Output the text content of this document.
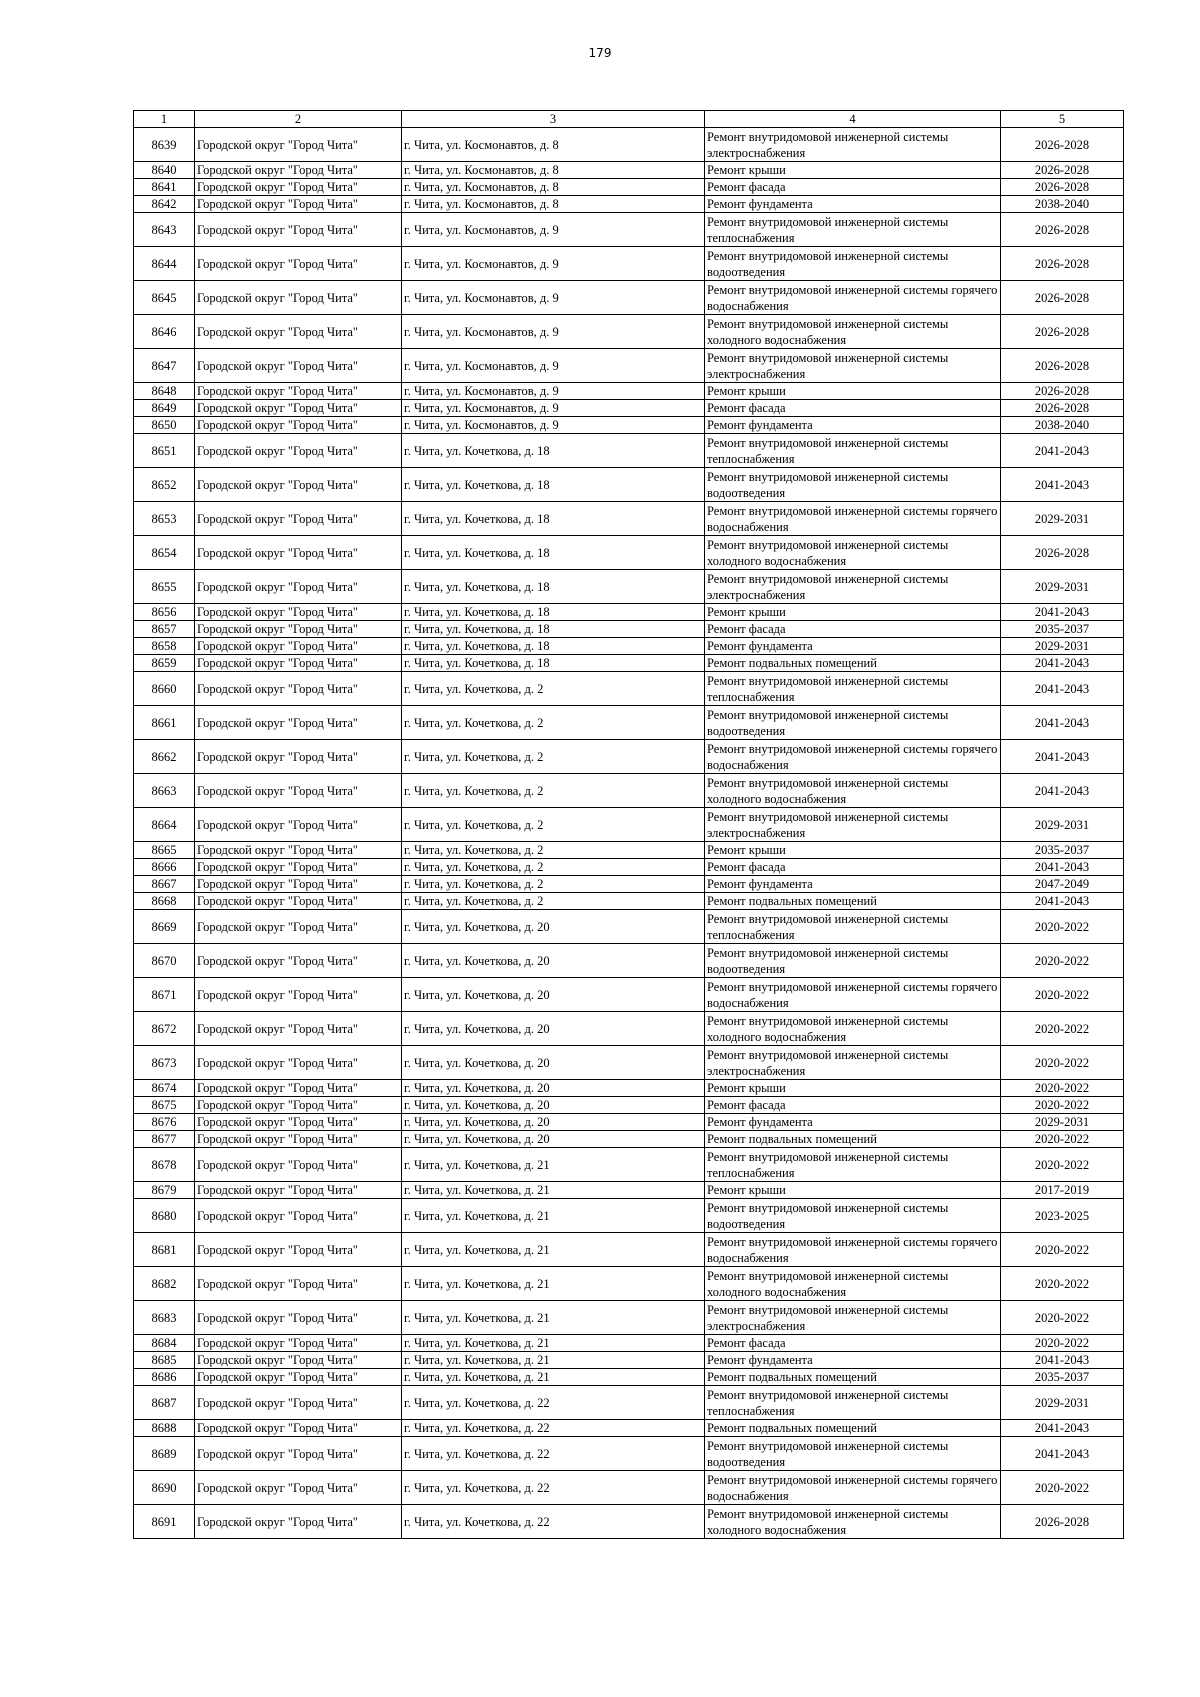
179
1	2	3	4	5
8639	Городской округ "Город Чита"	г. Чита, ул. Космонавтов, д. 8	Ремонт внутридомовой инженерной системы электроснабжения	2026-2028
8640	Городской округ "Город Чита"	г. Чита, ул. Космонавтов, д. 8	Ремонт крыши	2026-2028
8641	Городской округ "Город Чита"	г. Чита, ул. Космонавтов, д. 8	Ремонт фасада	2026-2028
8642	Городской округ "Город Чита"	г. Чита, ул. Космонавтов, д. 8	Ремонт фундамента	2038-2040
8643	Городской округ "Город Чита"	г. Чита, ул. Космонавтов, д. 9	Ремонт внутридомовой инженерной системы теплоснабжения	2026-2028
8644	Городской округ "Город Чита"	г. Чита, ул. Космонавтов, д. 9	Ремонт внутридомовой инженерной системы водоотведения	2026-2028
8645	Городской округ "Город Чита"	г. Чита, ул. Космонавтов, д. 9	Ремонт внутридомовой инженерной системы горячего водоснабжения	2026-2028
8646	Городской округ "Город Чита"	г. Чита, ул. Космонавтов, д. 9	Ремонт внутридомовой инженерной системы холодного водоснабжения	2026-2028
8647	Городской округ "Город Чита"	г. Чита, ул. Космонавтов, д. 9	Ремонт внутридомовой инженерной системы электроснабжения	2026-2028
8648	Городской округ "Город Чита"	г. Чита, ул. Космонавтов, д. 9	Ремонт крыши	2026-2028
8649	Городской округ "Город Чита"	г. Чита, ул. Космонавтов, д. 9	Ремонт фасада	2026-2028
8650	Городской округ "Город Чита"	г. Чита, ул. Космонавтов, д. 9	Ремонт фундамента	2038-2040
8651	Городской округ "Город Чита"	г. Чита, ул. Кочеткова, д. 18	Ремонт внутридомовой инженерной системы теплоснабжения	2041-2043
8652	Городской округ "Город Чита"	г. Чита, ул. Кочеткова, д. 18	Ремонт внутридомовой инженерной системы водоотведения	2041-2043
8653	Городской округ "Город Чита"	г. Чита, ул. Кочеткова, д. 18	Ремонт внутридомовой инженерной системы горячего водоснабжения	2029-2031
8654	Городской округ "Город Чита"	г. Чита, ул. Кочеткова, д. 18	Ремонт внутридомовой инженерной системы холодного водоснабжения	2026-2028
8655	Городской округ "Город Чита"	г. Чита, ул. Кочеткова, д. 18	Ремонт внутридомовой инженерной системы электроснабжения	2029-2031
8656	Городской округ "Город Чита"	г. Чита, ул. Кочеткова, д. 18	Ремонт крыши	2041-2043
8657	Городской округ "Город Чита"	г. Чита, ул. Кочеткова, д. 18	Ремонт фасада	2035-2037
8658	Городской округ "Город Чита"	г. Чита, ул. Кочеткова, д. 18	Ремонт фундамента	2029-2031
8659	Городской округ "Город Чита"	г. Чита, ул. Кочеткова, д. 18	Ремонт подвальных помещений	2041-2043
8660	Городской округ "Город Чита"	г. Чита, ул. Кочеткова, д. 2	Ремонт внутридомовой инженерной системы теплоснабжения	2041-2043
8661	Городской округ "Город Чита"	г. Чита, ул. Кочеткова, д. 2	Ремонт внутридомовой инженерной системы водоотведения	2041-2043
8662	Городской округ "Город Чита"	г. Чита, ул. Кочеткова, д. 2	Ремонт внутридомовой инженерной системы горячего водоснабжения	2041-2043
8663	Городской округ "Город Чита"	г. Чита, ул. Кочеткова, д. 2	Ремонт внутридомовой инженерной системы холодного водоснабжения	2041-2043
8664	Городской округ "Город Чита"	г. Чита, ул. Кочеткова, д. 2	Ремонт внутридомовой инженерной системы электроснабжения	2029-2031
8665	Городской округ "Город Чита"	г. Чита, ул. Кочеткова, д. 2	Ремонт крыши	2035-2037
8666	Городской округ "Город Чита"	г. Чита, ул. Кочеткова, д. 2	Ремонт фасада	2041-2043
8667	Городской округ "Город Чита"	г. Чита, ул. Кочеткова, д. 2	Ремонт фундамента	2047-2049
8668	Городской округ "Город Чита"	г. Чита, ул. Кочеткова, д. 2	Ремонт подвальных помещений	2041-2043
8669	Городской округ "Город Чита"	г. Чита, ул. Кочеткова, д. 20	Ремонт внутридомовой инженерной системы теплоснабжения	2020-2022
8670	Городской округ "Город Чита"	г. Чита, ул. Кочеткова, д. 20	Ремонт внутридомовой инженерной системы водоотведения	2020-2022
8671	Городской округ "Город Чита"	г. Чита, ул. Кочеткова, д. 20	Ремонт внутридомовой инженерной системы горячего водоснабжения	2020-2022
8672	Городской округ "Город Чита"	г. Чита, ул. Кочеткова, д. 20	Ремонт внутридомовой инженерной системы холодного водоснабжения	2020-2022
8673	Городской округ "Город Чита"	г. Чита, ул. Кочеткова, д. 20	Ремонт внутридомовой инженерной системы электроснабжения	2020-2022
8674	Городской округ "Город Чита"	г. Чита, ул. Кочеткова, д. 20	Ремонт крыши	2020-2022
8675	Городской округ "Город Чита"	г. Чита, ул. Кочеткова, д. 20	Ремонт фасада	2020-2022
8676	Городской округ "Город Чита"	г. Чита, ул. Кочеткова, д. 20	Ремонт фундамента	2029-2031
8677	Городской округ "Город Чита"	г. Чита, ул. Кочеткова, д. 20	Ремонт подвальных помещений	2020-2022
8678	Городской округ "Город Чита"	г. Чита, ул. Кочеткова, д. 21	Ремонт внутридомовой инженерной системы теплоснабжения	2020-2022
8679	Городской округ "Город Чита"	г. Чита, ул. Кочеткова, д. 21	Ремонт крыши	2017-2019
8680	Городской округ "Город Чита"	г. Чита, ул. Кочеткова, д. 21	Ремонт внутридомовой инженерной системы водоотведения	2023-2025
8681	Городской округ "Город Чита"	г. Чита, ул. Кочеткова, д. 21	Ремонт внутридомовой инженерной системы горячего водоснабжения	2020-2022
8682	Городской округ "Город Чита"	г. Чита, ул. Кочеткова, д. 21	Ремонт внутридомовой инженерной системы холодного водоснабжения	2020-2022
8683	Городской округ "Город Чита"	г. Чита, ул. Кочеткова, д. 21	Ремонт внутридомовой инженерной системы электроснабжения	2020-2022
8684	Городской округ "Город Чита"	г. Чита, ул. Кочеткова, д. 21	Ремонт фасада	2020-2022
8685	Городской округ "Город Чита"	г. Чита, ул. Кочеткова, д. 21	Ремонт фундамента	2041-2043
8686	Городской округ "Город Чита"	г. Чита, ул. Кочеткова, д. 21	Ремонт подвальных помещений	2035-2037
8687	Городской округ "Город Чита"	г. Чита, ул. Кочеткова, д. 22	Ремонт внутридомовой инженерной системы теплоснабжения	2029-2031
8688	Городской округ "Город Чита"	г. Чита, ул. Кочеткова, д. 22	Ремонт подвальных помещений	2041-2043
8689	Городской округ "Город Чита"	г. Чита, ул. Кочеткова, д. 22	Ремонт внутридомовой инженерной системы водоотведения	2041-2043
8690	Городской округ "Город Чита"	г. Чита, ул. Кочеткова, д. 22	Ремонт внутридомовой инженерной системы горячего водоснабжения	2020-2022
8691	Городской округ "Город Чита"	г. Чита, ул. Кочеткова, д. 22	Ремонт внутридомовой инженерной системы холодного водоснабжения	2026-2028
